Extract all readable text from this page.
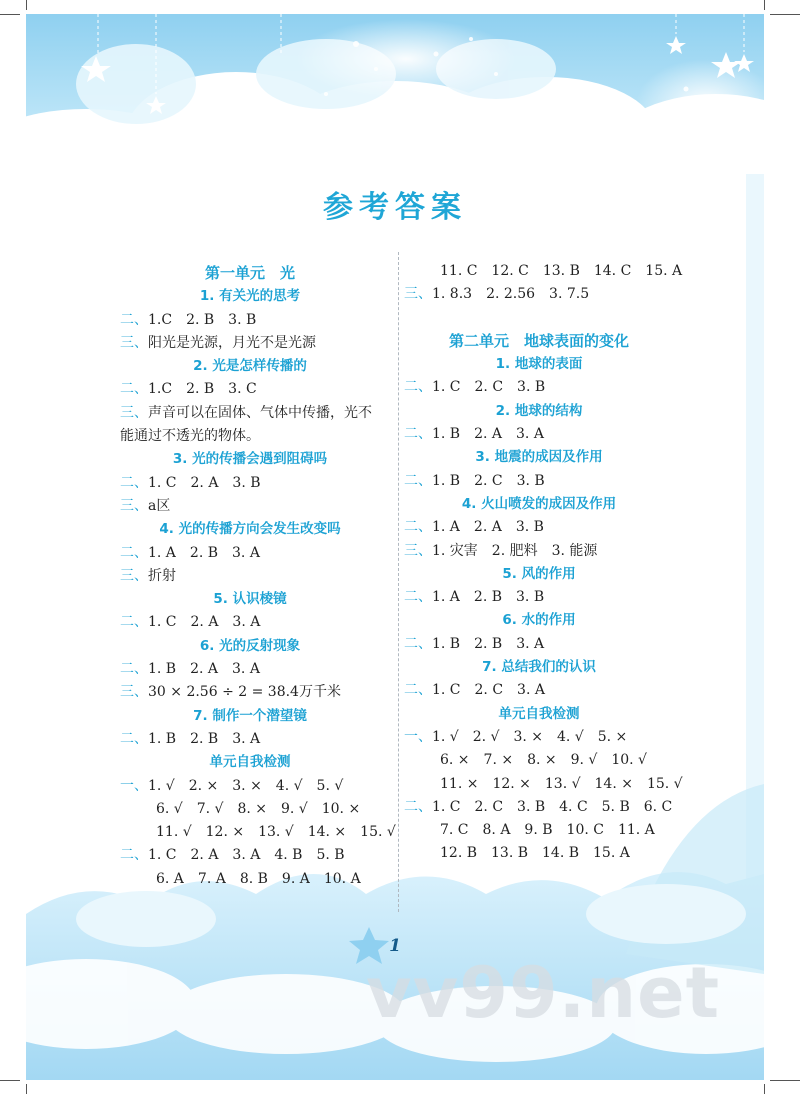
参考答案
第一单元　光
1. 有关光的思考
二、1.C　2. B　3. B
三、阳光是光源，月光不是光源
2. 光是怎样传播的
二、1.C　2. B　3. C
三、声音可以在固体、气体中传播，光不能通过不透光的物体。
3. 光的传播会遇到阻碍吗
二、1. C　2. A　3. B
三、a区
4. 光的传播方向会发生改变吗
二、1. A　2. B　3. A
三、折射
5. 认识棱镜
二、1. C　2. A　3. A
6. 光的反射现象
二、1. B　2. A　3. A
三、30 × 2.56 ÷ 2 = 38.4万千米
7. 制作一个潜望镜
二、1. B　2. B　3. A
单元自我检测
一、1. √　2. ×　3. ×　4. √　5. √
6. √　7. √　8. ×　9. √　10. ×
11. √　12. ×　13. √　14. ×　15. √
二、1. C　2. A　3. A　4. B　5. B
6. A　7. A　8. B　9. A　10. A
11. C　12. C　13. B　14. C　15. A
三、1. 8.3　2. 2.56　3. 7.5
第二单元　地球表面的变化
1. 地球的表面
二、1. C　2. C　3. B
2. 地球的结构
二、1. B　2. A　3. A
3. 地震的成因及作用
二、1. B　2. C　3. B
4. 火山喷发的成因及作用
二、1. A　2. A　3. B
三、1. 灾害　2. 肥料　3. 能源
5. 风的作用
二、1. A　2. B　3. B
6. 水的作用
二、1. B　2. B　3. A
7. 总结我们的认识
二、1. C　2. C　3. A
单元自我检测
一、1. √　2. √　3. ×　4. √　5. ×
6. ×　7. ×　8. ×　9. √　10. √
11. ×　12. ×　13. √　14. ×　15. √
二、1. C　2. C　3. B　4. C　5. B　6. C
7. C　8. A　9. B　10. C　11. A
12. B　13. B　14. B　15. A
vv99.net
1
